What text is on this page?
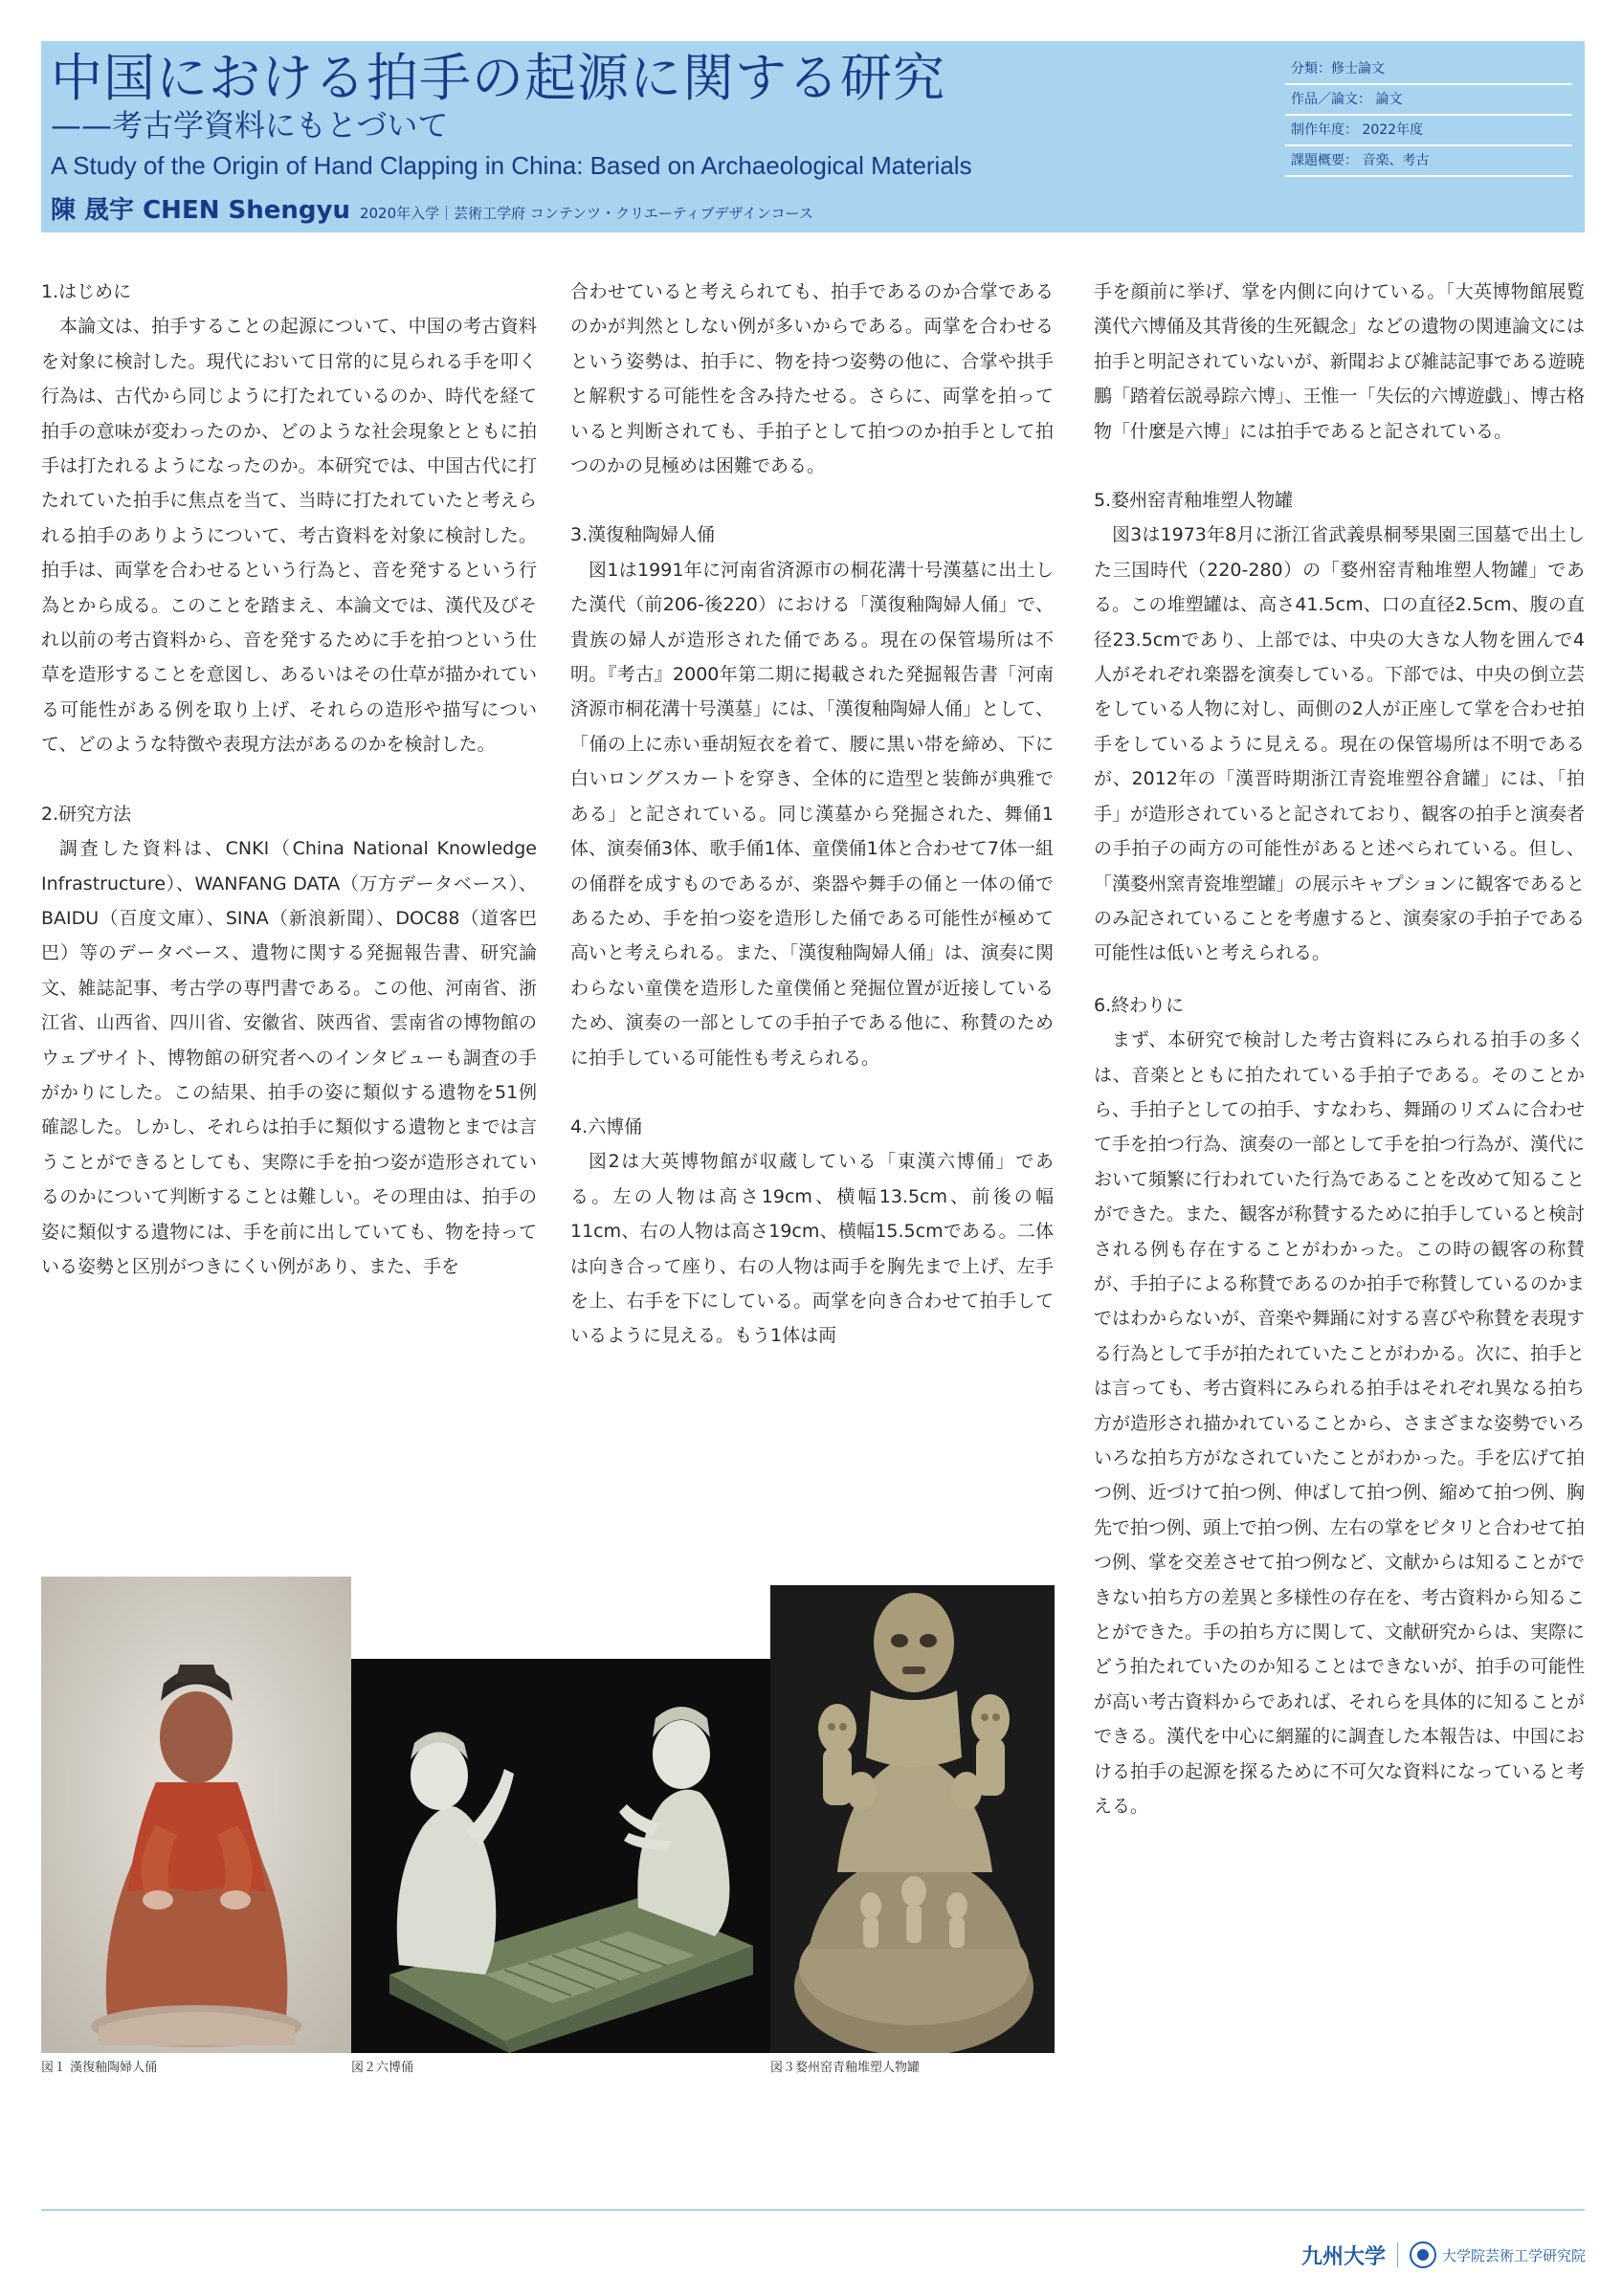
中国における拍手の起源に関する研究
——考古学資料にもとづいて
A Study of the Origin of Hand Clapping in China: Based on Archaeological Materials
陳 晟宇 CHEN Shengyu 2020年入学｜芸術工学府 コンテンツ・クリエーティブデザインコース
分類：修士論文
作品／論文： 論文
制作年度： 2022年度
課題概要： 音楽、考古
1.はじめに

本論文は、拍手することの起源について、中国の考古資料を対象に検討した。現代において日常的に見られる手を叩く行為は、古代から同じように打たれているのか、時代を経て拍手の意味が変わったのか、どのような社会現象とともに拍手は打たれるようになったのか。本研究では、中国古代に打たれていた拍手に焦点を当て、当時に打たれていたと考えられる拍手のありようについて、考古資料を対象に検討した。拍手は、両掌を合わせるという行為と、音を発するという行為とから成る。このことを踏まえ、本論文では、漢代及びそれ以前の考古資料から、音を発するために手を拍つという仕草を造形することを意図し、あるいはその仕草が描かれている可能性がある例を取り上げ、それらの造形や描写について、どのような特徴や表現方法があるのかを検討した。

2.研究方法

調査した資料は、CNKI（China National Knowledge Infrastructure）、WANFANG DATA（万方データベース）、BAIDU（百度文庫）、SINA（新浪新聞）、DOC88（道客巴巴）等のデータベース、遺物に関する発掘報告書、研究論文、雑誌記事、考古学の専門書である。この他、河南省、浙江省、山西省、四川省、安徽省、陝西省、雲南省の博物館のウェブサイト、博物館の研究者へのインタビューも調査の手がかりにした。この結果、拍手の姿に類似する遺物を51例確認した。しかし、それらは拍手に類似する遺物とまでは言うことができるとしても、実際に手を拍つ姿が造形されているのかについて判断することは難しい。その理由は、拍手の姿に類似する遺物には、手を前に出していても、物を持っている姿勢と区別がつきにくい例があり、また、手を

合わせていると考えられても、拍手であるのか合掌であるのかが判然としない例が多いからである。両掌を合わせるという姿勢は、拍手に、物を持つ姿勢の他に、合掌や拱手と解釈する可能性を含み持たせる。さらに、両掌を拍っていると判断されても、手拍子として拍つのか拍手として拍つのかの見極めは困難である。

3.漢復釉陶婦人俑

図1は1991年に河南省済源市の桐花溝十号漢墓に出土した漢代（前206-後220）における「漢復釉陶婦人俑」で、貴族の婦人が造形された俑である。現在の保管場所は不明。『考古』2000年第二期に掲載された発掘報告書「河南済源市桐花溝十号漢墓」には、「漢復釉陶婦人俑」として、「俑の上に赤い垂胡短衣を着て、腰に黒い帯を締め、下に白いロングスカートを穿き、全体的に造型と装飾が典雅である」と記されている。同じ漢墓から発掘された、舞俑1体、演奏俑3体、歌手俑1体、童僕俑1体と合わせて7体一組の俑群を成すものであるが、楽器や舞手の俑と一体の俑であるため、手を拍つ姿を造形した俑である可能性が極めて高いと考えられる。また、「漢復釉陶婦人俑」は、演奏に関わらない童僕を造形した童僕俑と発掘位置が近接しているため、演奏の一部としての手拍子である他に、称賛のために拍手している可能性も考えられる。

4.六博俑

図2は大英博物館が収蔵している「東漢六博俑」である。左の人物は高さ19cm、横幅13.5cm、前後の幅11cm、右の人物は高さ19cm、横幅15.5cmである。二体は向き合って座り、右の人物は両手を胸先まで上げ、左手を上、右手を下にしている。両掌を向き合わせて拍手しているように見える。もう1体は両

手を顔前に挙げ、掌を内側に向けている。「大英博物館展覧漢代六博俑及其背後的生死観念」などの遺物の関連論文には拍手と明記されていないが、新聞および雑誌記事である遊暁鵬「踏着伝説尋踪六博」、王惟一「失伝的六博遊戯」、博古格物「什麼是六博」には拍手であると記されている。

5.婺州窑青釉堆塑人物罐

図3は1973年8月に浙江省武義県桐琴果園三国墓で出土した三国時代（220-280）の「婺州窑青釉堆塑人物罐」である。この堆塑罐は、高さ41.5cm、口の直径2.5cm、腹の直径23.5cmであり、上部では、中央の大きな人物を囲んで4人がそれぞれ楽器を演奏している。下部では、中央の倒立芸をしている人物に対し、両側の2人が正座して掌を合わせ拍手をしているように見える。現在の保管場所は不明であるが、2012年の「漢晋時期浙江青瓷堆塑谷倉罐」には、「拍手」が造形されていると記されており、観客の拍手と演奏者の手拍子の両方の可能性があると述べられている。但し、「漢婺州窯青瓷堆塑罐」の展示キャプションに観客であるとのみ記されていることを考慮すると、演奏家の手拍子である可能性は低いと考えられる。

6.終わりに

まず、本研究で検討した考古資料にみられる拍手の多くは、音楽とともに拍たれている手拍子である。そのことから、手拍子としての拍手、すなわち、舞踊のリズムに合わせて手を拍つ行為、演奏の一部として手を拍つ行為が、漢代において頻繁に行われていた行為であることを改めて知ることができた。また、観客が称賛するために拍手していると検討される例も存在することがわかった。この時の観客の称賛が、手拍子による称賛であるのか拍手で称賛しているのかまではわからないが、音楽や舞踊に対する喜びや称賛を表現する行為として手が拍たれていたことがわかる。次に、拍手とは言っても、考古資料にみられる拍手はそれぞれ異なる拍ち方が造形され描かれていることから、さまざまな姿勢でいろいろな拍ち方がなされていたことがわかった。手を広げて拍つ例、近づけて拍つ例、伸ばして拍つ例、縮めて拍つ例、胸先で拍つ例、頭上で拍つ例、左右の掌をピタリと合わせて拍つ例、掌を交差させて拍つ例など、文献からは知ることができない拍ち方の差異と多様性の存在を、考古資料から知ることができた。手の拍ち方に関して、文献研究からは、実際にどう拍たれていたのか知ることはできないが、拍手の可能性が高い考古資料からであれば、それらを具体的に知ることができる。漢代を中心に網羅的に調査した本報告は、中国における拍手の起源を探るために不可欠な資料になっていると考える。

図１ 漢復釉陶婦人俑	図２六博俑	図３婺州窑青釉堆塑人物罐
九州大学	大学院芸術工学研究院
